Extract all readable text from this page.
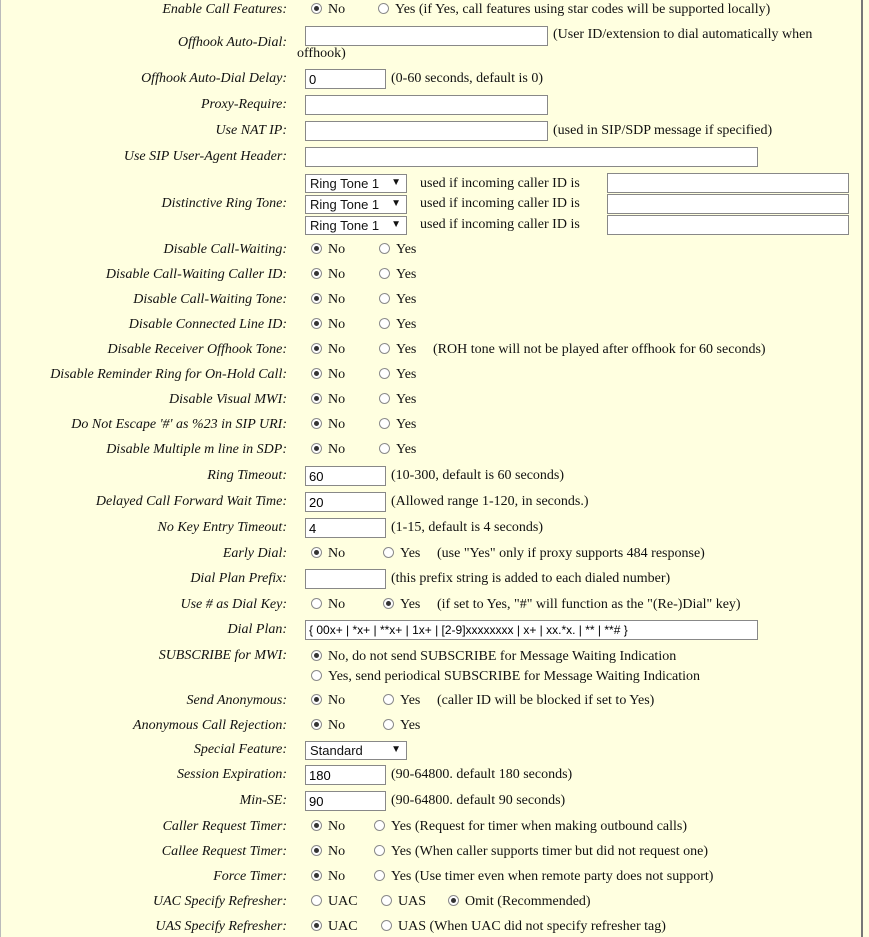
Enable Call Features:	No	Yes (if Yes, call features using star codes will be supported locally)
Offhook Auto-Dial:
(User ID/extension to dial automatically when
offhook)
Offhook Auto-Dial Delay:
0	(0-60 seconds, default is 0)
Proxy-Require:
Use NAT IP:	(used in SIP/SDP message if specified)
Use SIP User-Agent Header:
Distinctive Ring Tone:
Ring Tone 1 ▼ used if incoming caller ID is
Ring Tone 1 ▼ used if incoming caller ID is
Ring Tone 1 ▼ used if incoming caller ID is
Disable Call-Waiting:	No	Yes
Disable Call-Waiting Caller ID:	No	Yes
Disable Call-Waiting Tone:	No	Yes
Disable Connected Line ID:	No	Yes
Disable Receiver Offhook Tone:	No	Yes (ROH tone will not be played after offhook for 60 seconds)
Disable Reminder Ring for On-Hold Call:	No	Yes
Disable Visual MWI:	No	Yes
Do Not Escape '#' as %23 in SIP URI:	No	Yes
Disable Multiple m line in SDP:	No	Yes
Ring Timeout:
60	(10-300, default is 60 seconds)
Delayed Call Forward Wait Time:
20	(Allowed range 1-120, in seconds.)
No Key Entry Timeout:
4	(1-15, default is 4 seconds)
Early Dial:	No	Yes (use "Yes" only if proxy supports 484 response)
Dial Plan Prefix:	(this prefix string is added to each dialed number)
Use # as Dial Key:	No	Yes (if set to Yes, "#" will function as the "(Re-)Dial" key)
Dial Plan:
{ 00x+ | *x+ | **x+ | 1x+ | [2-9]xxxxxxxx | x+ | xx.*x. | ** | **# }
SUBSCRIBE for MWI:	No, do not send SUBSCRIBE for Message Waiting Indication
Yes, send periodical SUBSCRIBE for Message Waiting Indication
Send Anonymous:	No	Yes (caller ID will be blocked if set to Yes)
Anonymous Call Rejection:	No	Yes
Special Feature:	Standard	▼
Session Expiration:
180	(90-64800. default 180 seconds)
Min-SE:
90	(90-64800. default 90 seconds)
Caller Request Timer:	No	Yes (Request for timer when making outbound calls)
Callee Request Timer:	No	Yes (When caller supports timer but did not request one)
Force Timer:	No	Yes (Use timer even when remote party does not support)
UAC Specify Refresher:	UAC	UAS	Omit (Recommended)
UAS Specify Refresher:	UAC	UAS (When UAC did not specify refresher tag)
